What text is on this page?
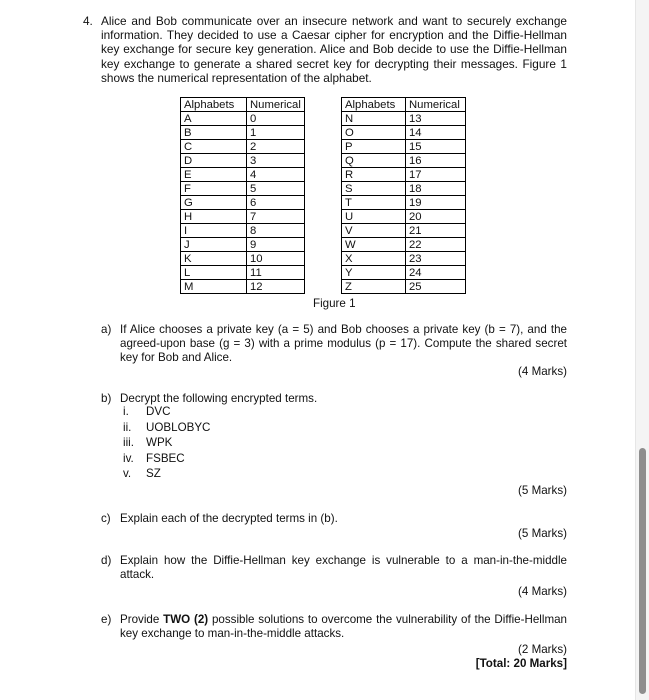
4. Alice and Bob communicate over an insecure network and want to securely exchange information. They decided to use a Caesar cipher for encryption and the Diffie-Hellman key exchange for secure key generation. Alice and Bob decide to use the Diffie-Hellman key exchange to generate a shared secret key for decrypting their messages. Figure 1 shows the numerical representation of the alphabet.
Alphabets	Numerical
A	0
B	1
C	2
D	3
E	4
F	5
G	6
H	7
I	8
J	9
K	10
L	11
M	12
Alphabets	Numerical
N	13
O	14
P	15
Q	16
R	17
S	18
T	19
U	20
V	21
W	22
X	23
Y	24
Z	25
Figure 1
a) If Alice chooses a private key (a = 5) and Bob chooses a private key (b = 7), and the agreed-upon base (g = 3) with a prime modulus (p = 17). Compute the shared secret key for Bob and Alice.
(4 Marks)
b) Decrypt the following encrypted terms.
i. DVC
ii. UOBLOBYC
iii. WPK
iv. FSBEC
v. SZ
(5 Marks)
c) Explain each of the decrypted terms in (b).
(5 Marks)
d) Explain how the Diffie-Hellman key exchange is vulnerable to a man-in-the-middle attack.
(4 Marks)
e) Provide TWO (2) possible solutions to overcome the vulnerability of the Diffie-Hellman key exchange to man-in-the-middle attacks.
(2 Marks)
[Total: 20 Marks]
